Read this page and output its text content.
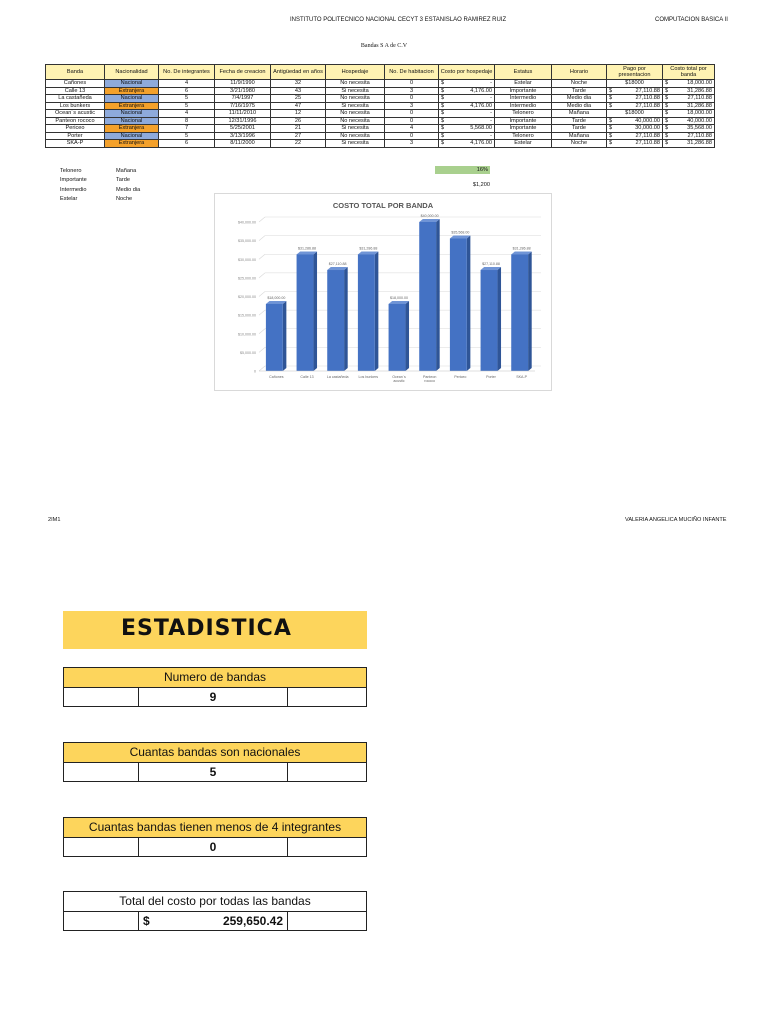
INSTITUTO POLITECNICO NACIONAL CECYT 3 ESTANISLAO RAMIREZ RUIZ	COMPUTACION BASICA II
Bandas S A de C.V
Banda	Nacionalidad	No. De integrantes	Fecha de creacion	Antigüedad en años	Hospedaje	No. De habitacion	Costo por hospedaje	Estatus	Horario	Pago por presentacion	Costo total por banda
Cañones	Nacional	4	11/9/1990	32	No necesita	0	$ -	Estelar	Noche	$18000	$ 18,000.00

Calle 13	Extranjera	6	3/21/1980	43	Si necesita	3	$ 4,176.00	Importante	Tarde	$ 27,110.88	$ 31,286.88

La castañeda	Nacional	5	7/4/1997	25	No necesita	0	$ -	Intermedio	Medio dia	$ 27,110.88	$ 27,110.88

Los bunkers	Extranjera	5	7/16/1975	47	Si necesita	3	$ 4,176.00	Intermedio	Medio dia	$ 27,110.88	$ 31,286.88

Ocean´s acustic	Nacional	4	11/11/2010	12	No necesita	0	$ -	Telonero	Mañana	$18000	$ 18,000.00

Panteon rococo	Nacional	8	12/31/1996	26	No necesita	0	$ -	Importante	Tarde	$ 40,000.00	$ 40,000.00

Periceo	Extranjera	7	5/25/2001	21	Si necesita	4	$ 5,568.00	Importante	Tarde	$ 30,000.00	$ 35,568.00

Porter	Nacional	5	3/13/1996	27	No necesita	0	$ -	Telonero	Mañana	$ 27,110.88	$ 27,110.88

SKA-P	Extranjera	6	8/11/2000	22	Si necesita	3	$ 4,176.00	Estelar	Noche	$ 27,110.88	$ 31,286.88
Telonero
Importante
Intermedio
Estelar
Mañana
Tarde
Medio dia
Noche
16%
$1,200
COSTO TOTAL POR BANDA
0
$5,000.00
$10,000.00
$15,000.00
$20,000.00
$25,000.00
$30,000.00
$35,000.00
$40,000.00
$18,000.00
Cañones
$31,286.88
Calle 13
$27,110.88
La castañeda
$31,286.88
Los bunkers
$18,000.00
Ocean´s acustic
$40,000.00
Panteon rococo
$35,568.00
Periceo
$27,110.88
Porter
$31,286.88
SKA-P
2IM1	VALERIA ANGELICA MUCIÑO INFANTE
ESTADISTICA
Numero de bandas
9
Cuantas bandas son nacionales
5
Cuantas bandas tienen menos de 4 integrantes
0
Total del costo por todas las bandas
$	259,650.42
